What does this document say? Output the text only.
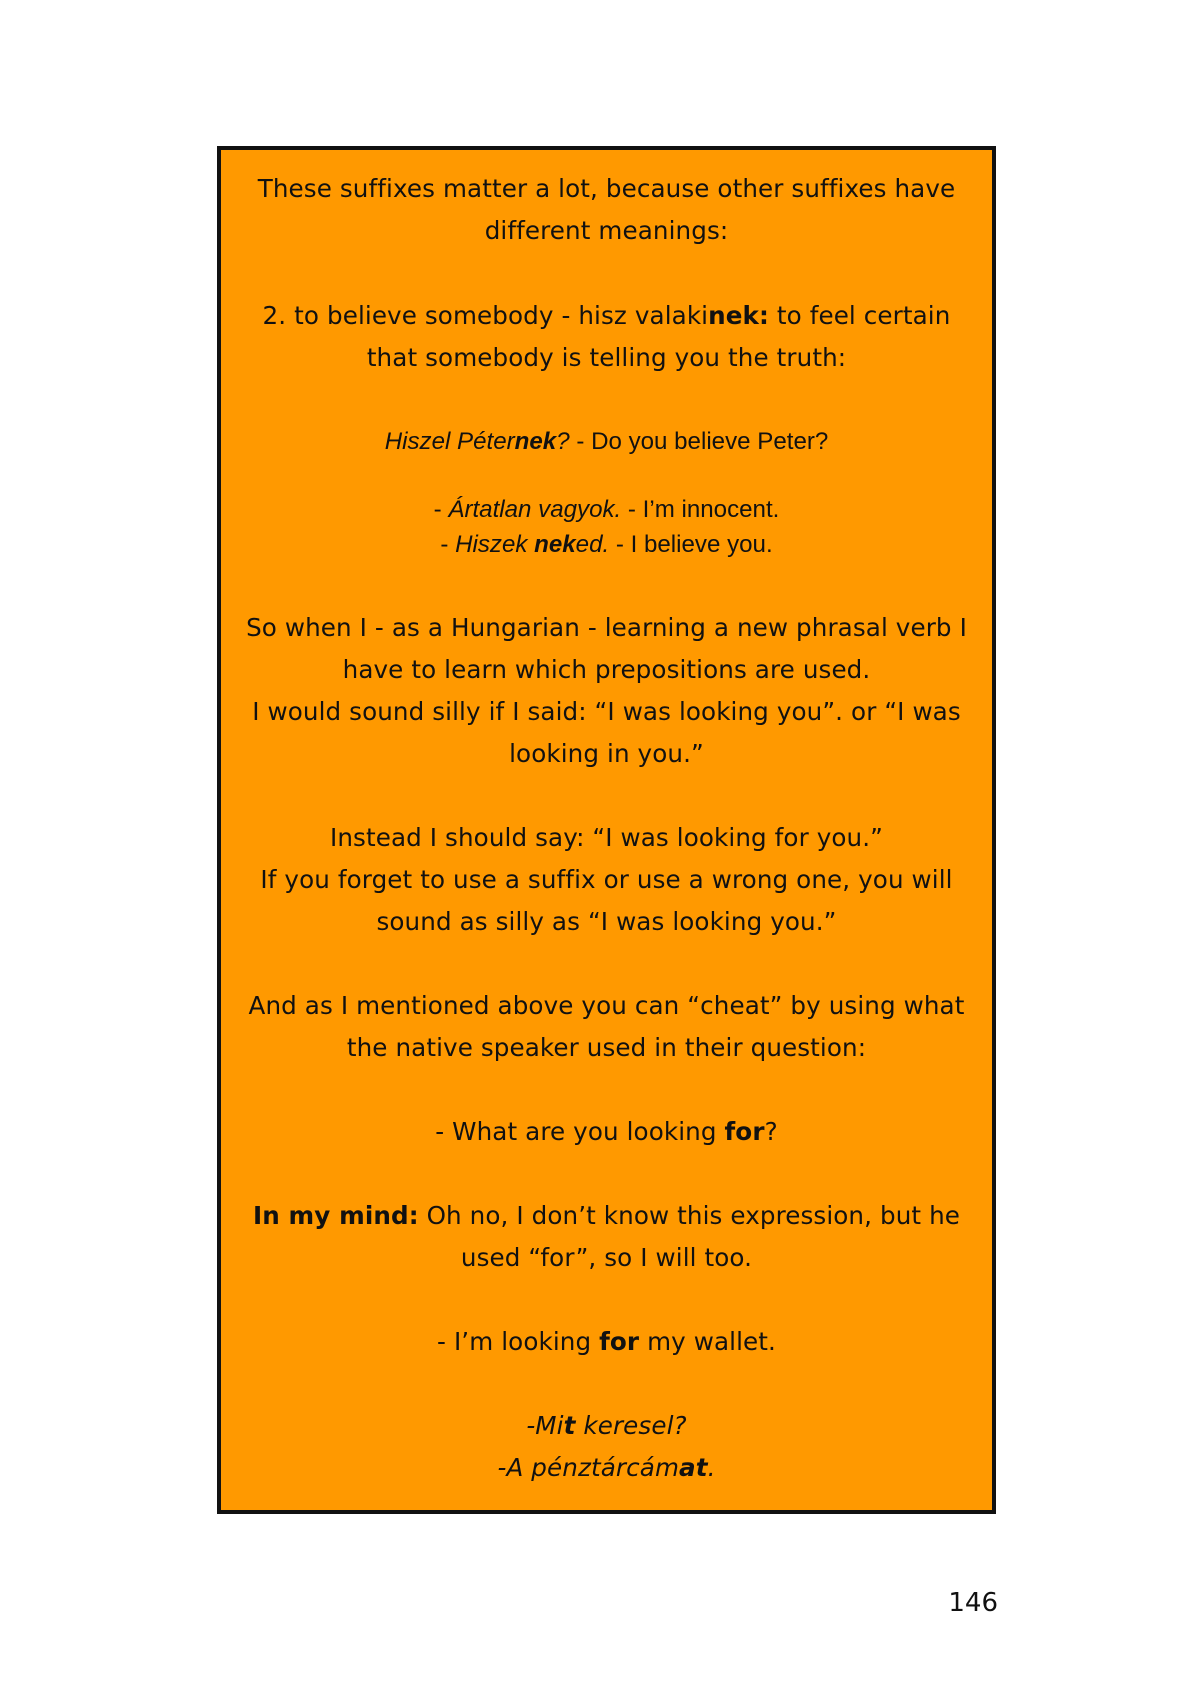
These suffixes matter a lot, because other suffixes have
different meanings:
2. to believe somebody - hisz valakinek: to feel certain
that somebody is telling you the truth:
Hiszel Péternek? - Do you believe Peter?
- Ártatlan vagyok. - I’m innocent.
- Hiszek neked. - I believe you.
So when I - as a Hungarian - learning a new phrasal verb I
have to learn which prepositions are used.
I would sound silly if I said: “I was looking you”. or “I was
looking in you.”
Instead I should say: “I was looking for you.”
If you forget to use a suffix or use a wrong one, you will
sound as silly as “I was looking you.”
And as I mentioned above you can “cheat” by using what
the native speaker used in their question:
- What are you looking for?
In my mind: Oh no, I don’t know this expression, but he
used “for”, so I will too.
- I’m looking for my wallet.
-Mit keresel?
-A pénztárcámat.
146
